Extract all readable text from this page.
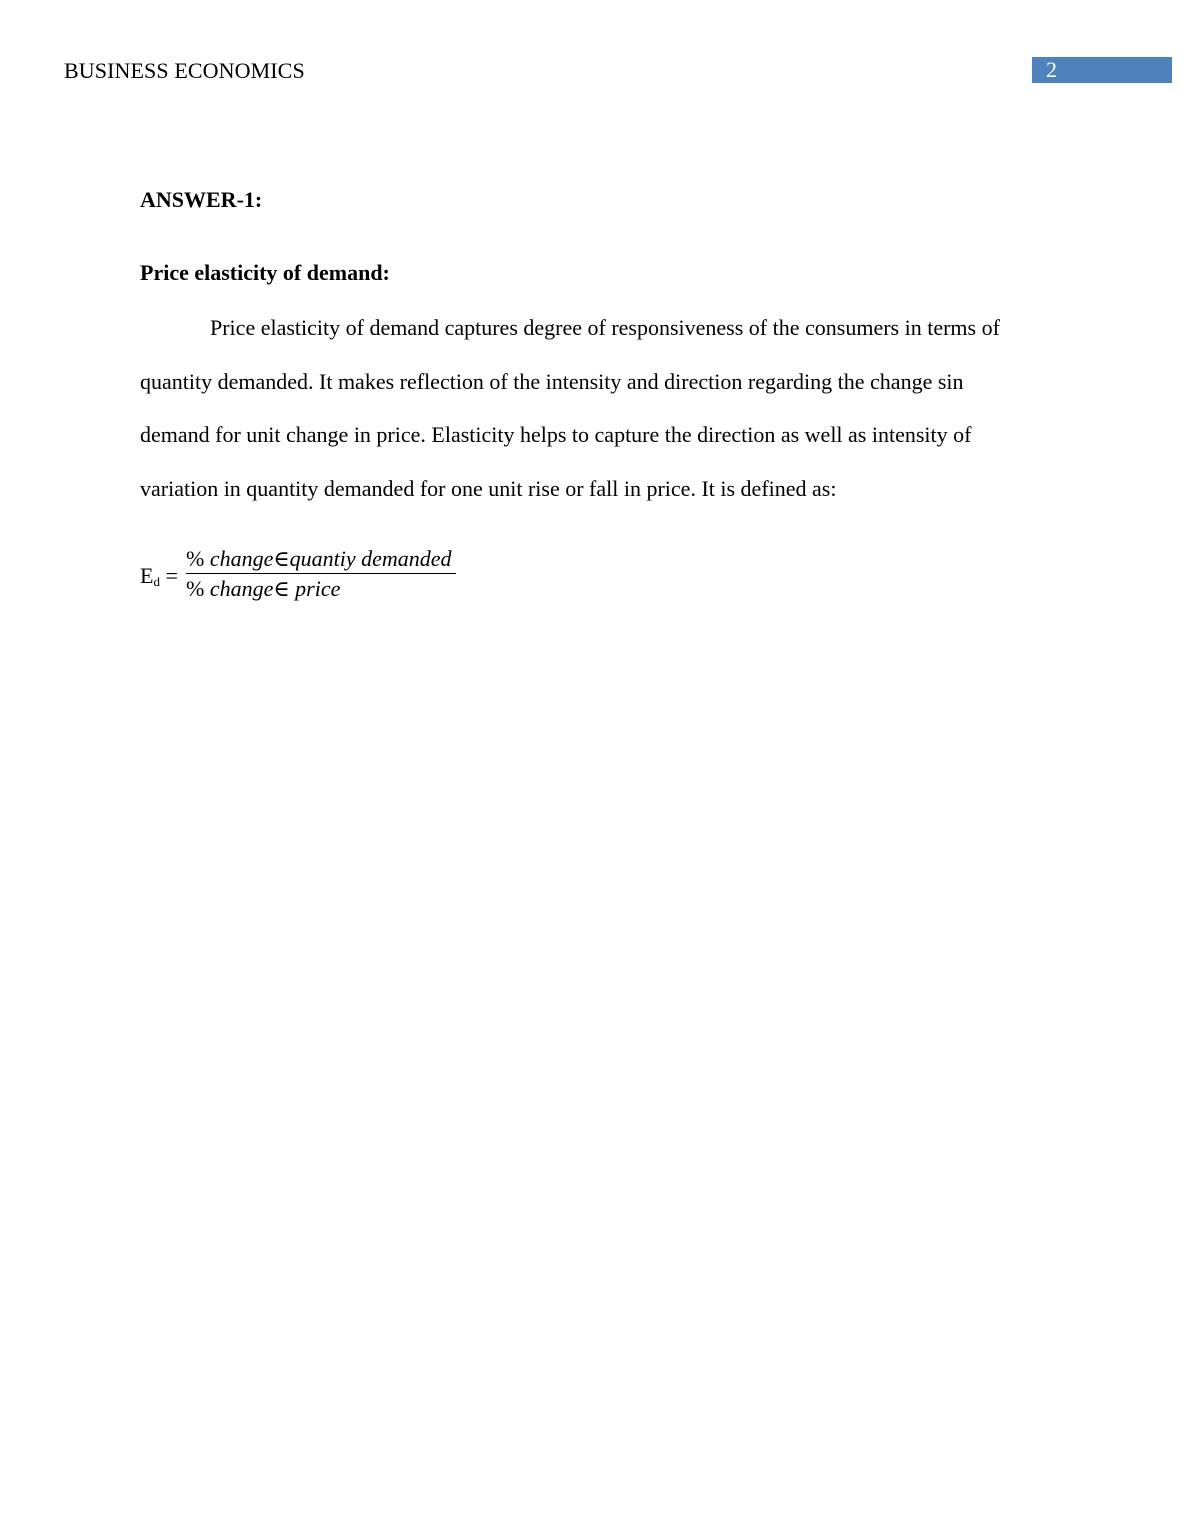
BUSINESS ECONOMICS	2
ANSWER-1:
Price elasticity of demand:

Price elasticity of demand captures degree of responsiveness of the consumers in terms of
quantity demanded. It makes reflection of the intensity and direction regarding the change sin
demand for unit change in price. Elasticity helps to capture the direction as well as intensity of
variation in quantity demanded for one unit rise or fall in price. It is defined as:

Ed =
% change∈quantiy demanded
% change∈ price
